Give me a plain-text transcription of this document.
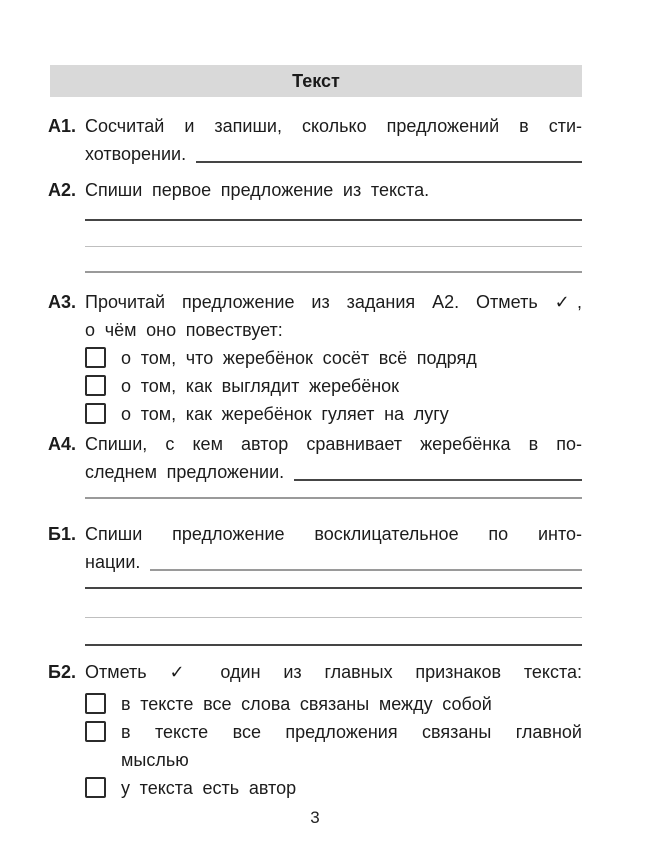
Текст
А1. Сосчитай и запиши, сколько предложений в сти-
хотворении.
А2. Спиши первое предложение из текста.
А3. Прочитай предложение из задания А2. Отметь ✓,
о чём оно повествует:
о том, что жеребёнок сосёт всё подряд
о том, как выглядит жеребёнок
о том, как жеребёнок гуляет на лугу
А4. Спиши, с кем автор сравнивает жеребёнка в по-
следнем предложении.
Б1. Спиши предложение восклицательное по инто-
нации.
Б2. Отметь ✓ один из главных признаков текста:
в тексте все слова связаны между собой
в тексте все предложения связаны главной
мыслью
у текста есть автор
3
